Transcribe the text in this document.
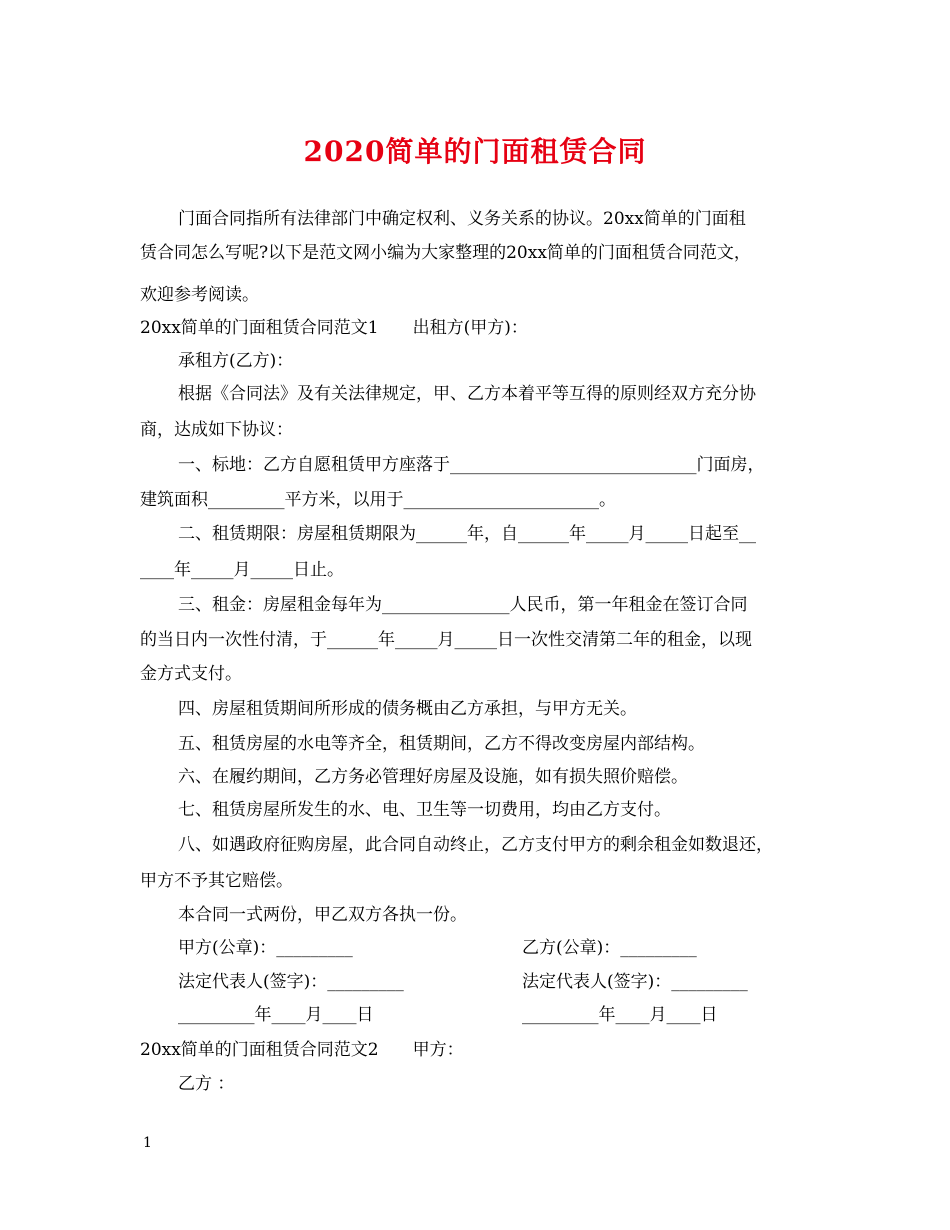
2020简单的门面租赁合同
门面合同指所有法律部门中确定权利、义务关系的协议。20xx简单的门面租
赁合同怎么写呢?以下是范文网小编为大家整理的20xx简单的门面租赁合同范文，
欢迎参考阅读。
20xx简单的门面租赁合同范文1　　出租方(甲方)：
承租方(乙方)：
根据《合同法》及有关法律规定，甲、乙方本着平等互得的原则经双方充分协
商，达成如下协议：
一、标地：乙方自愿租赁甲方座落于_____________________________门面房，
建筑面积_________平方米，以用于_______________________。
二、租赁期限：房屋租赁期限为______年，自______年_____月_____日起至__
____年_____月_____日止。
三、租金：房屋租金每年为_______________人民币，第一年租金在签订合同
的当日内一次性付清，于______年_____月_____日一次性交清第二年的租金，以现
金方式支付。
四、房屋租赁期间所形成的债务概由乙方承担，与甲方无关。
五、租赁房屋的水电等齐全，租赁期间，乙方不得改变房屋内部结构。
六、在履约期间，乙方务必管理好房屋及设施，如有损失照价赔偿。
七、租赁房屋所发生的水、电、卫生等一切费用，均由乙方支付。
八、如遇政府征购房屋，此合同自动终止，乙方支付甲方的剩余租金如数退还，
甲方不予其它赔偿。
本合同一式两份，甲乙双方各执一份。
甲方(公章)：_________	乙方(公章)：_________
法定代表人(签字)：_________	法定代表人(签字)：_________
_________年____月____日	_________年____月____日
20xx简单的门面租赁合同范文2　　甲方：
乙方 ：
1
